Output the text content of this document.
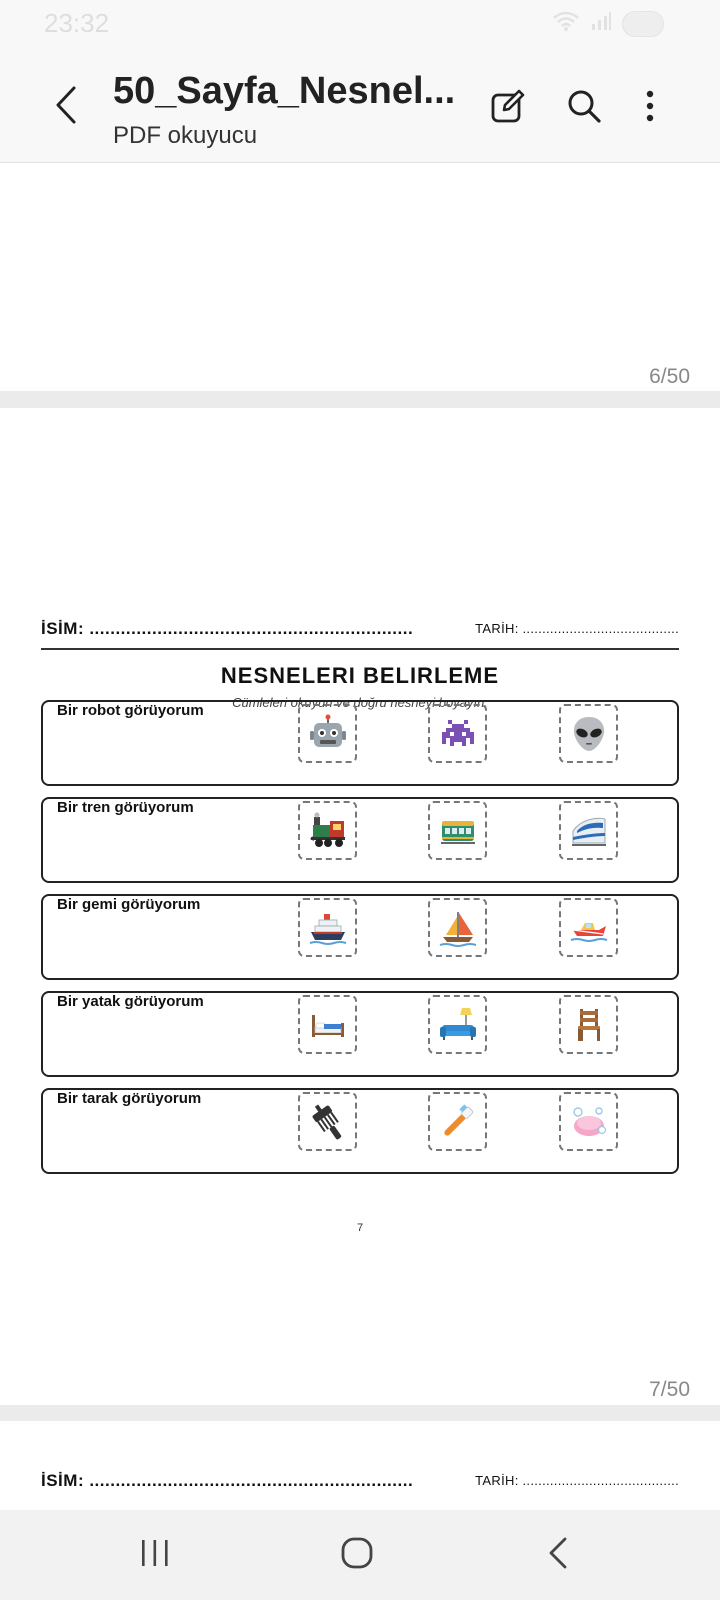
23:32
50_Sayfa_Nesnel...
PDF okuyucu
6/50
İSİM: ..............................................................	TARİH: ........................................
NESNELERI BELIRLEME
Cümleleri okuyun ve doğru nesneyi boyayın.
7
7/50
Bir robot görüyorum
Bir tren görüyorum
Bir gemi görüyorum
Bir yatak görüyorum
Bir tarak görüyorum
İSİM: ..............................................................	TARİH: ........................................
